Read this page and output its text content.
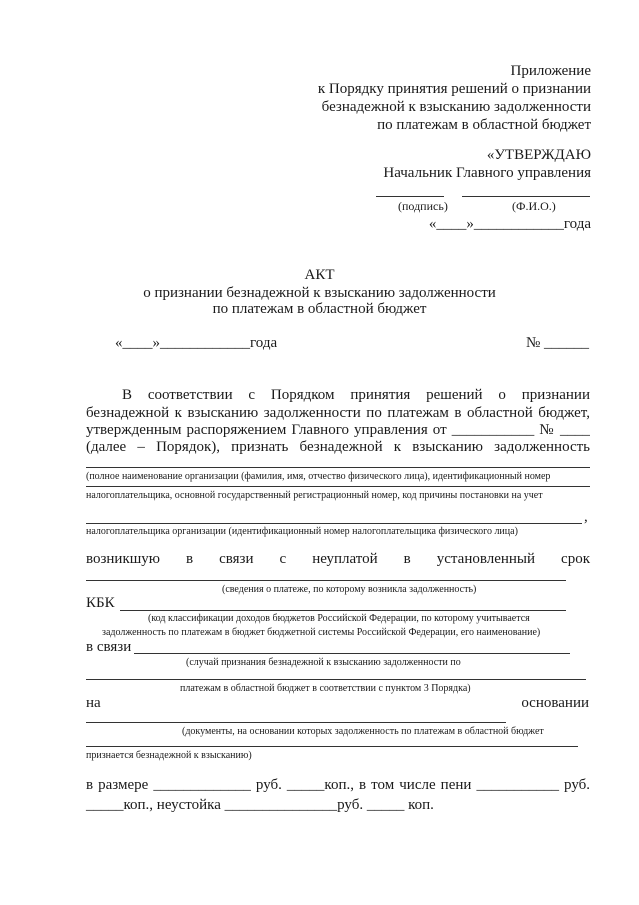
Приложение
к Порядку принятия решений о признании
безнадежной к взысканию задолженности
по платежам в областной бюджет
«УТВЕРЖДАЮ
Начальник Главного управления
(подпись)	(Ф.И.О.)
«____»____________года
АКТ
о признании безнадежной к взысканию задолженности
по платежам в областной бюджет
«____»____________года	№ ______
В соответствии с Порядком принятия решений о признании
безнадежной к взысканию задолженности по платежам в областной бюджет,
утвержденным распоряжением Главного управления от ___________ № ____
(далее – Порядок), признать безнадежной к взысканию задолженность
(полное наименование организации (фамилия, имя, отчество физического лица), идентификационный номер
налогоплательщика, основной государственный регистрационный номер, код причины постановки на учет
,
налогоплательщика организации (идентификационный номер налогоплательщика физического лица)
возникшую в связи с неуплатой в установленный срок
(сведения о платеже, по которому возникла задолженность)
КБК
(код классификации доходов бюджетов Российской Федерации, по которому учитывается
задолженность по платежам в бюджет бюджетной системы Российской Федерации, его наименование)
в связи
(случай признания безнадежной к взысканию задолженности по
платежам в областной бюджет в соответствии с пунктом 3 Порядка)
на	основании
(документы, на основании которых задолженность по платежам в областной бюджет
признается безнадежной к взысканию)
в размере _____________ руб. _____коп., в том числе пени ___________ руб.
_____коп., неустойка _______________руб. _____ коп.
